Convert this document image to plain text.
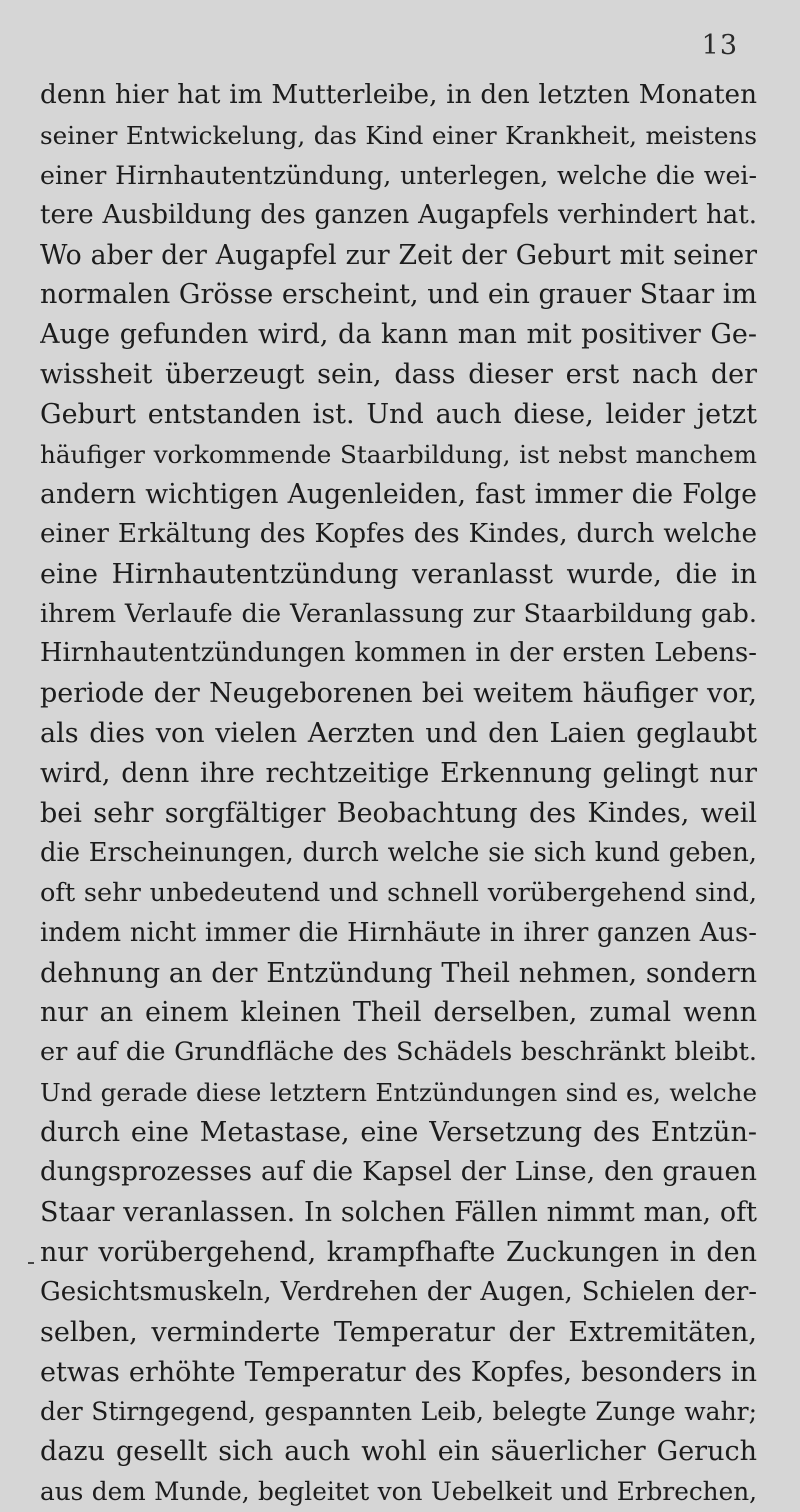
13
denn hier hat im Mutterleibe, in den letzten Monaten
seiner Entwickelung, das Kind einer Krankheit, meistens
einer Hirnhautentzündung, unterlegen, welche die wei-
tere Ausbildung des ganzen Augapfels verhindert hat.
Wo aber der Augapfel zur Zeit der Geburt mit seiner
normalen Grösse erscheint, und ein grauer Staar im
Auge gefunden wird, da kann man mit positiver Ge-
wissheit überzeugt sein, dass dieser erst nach der
Geburt entstanden ist. Und auch diese, leider jetzt
häufiger vorkommende Staarbildung, ist nebst manchem
andern wichtigen Augenleiden, fast immer die Folge
einer Erkältung des Kopfes des Kindes, durch welche
eine Hirnhautentzündung veranlasst wurde, die in
ihrem Verlaufe die Veranlassung zur Staarbildung gab.
Hirnhautentzündungen kommen in der ersten Lebens-
periode der Neugeborenen bei weitem häufiger vor,
als dies von vielen Aerzten und den Laien geglaubt
wird, denn ihre rechtzeitige Erkennung gelingt nur
bei sehr sorgfältiger Beobachtung des Kindes, weil
die Erscheinungen, durch welche sie sich kund geben,
oft sehr unbedeutend und schnell vorübergehend sind,
indem nicht immer die Hirnhäute in ihrer ganzen Aus-
dehnung an der Entzündung Theil nehmen, sondern
nur an einem kleinen Theil derselben, zumal wenn
er auf die Grundfläche des Schädels beschränkt bleibt.
Und gerade diese letztern Entzündungen sind es, welche
durch eine Metastase, eine Versetzung des Entzün-
dungsprozesses auf die Kapsel der Linse, den grauen
Staar veranlassen. In solchen Fällen nimmt man, oft
nur vorübergehend, krampfhafte Zuckungen in den
Gesichtsmuskeln, Verdrehen der Augen, Schielen der-
selben, verminderte Temperatur der Extremitäten,
etwas erhöhte Temperatur des Kopfes, besonders in
der Stirngegend, gespannten Leib, belegte Zunge wahr;
dazu gesellt sich auch wohl ein säuerlicher Geruch
aus dem Munde, begleitet von Uebelkeit und Erbrechen,
